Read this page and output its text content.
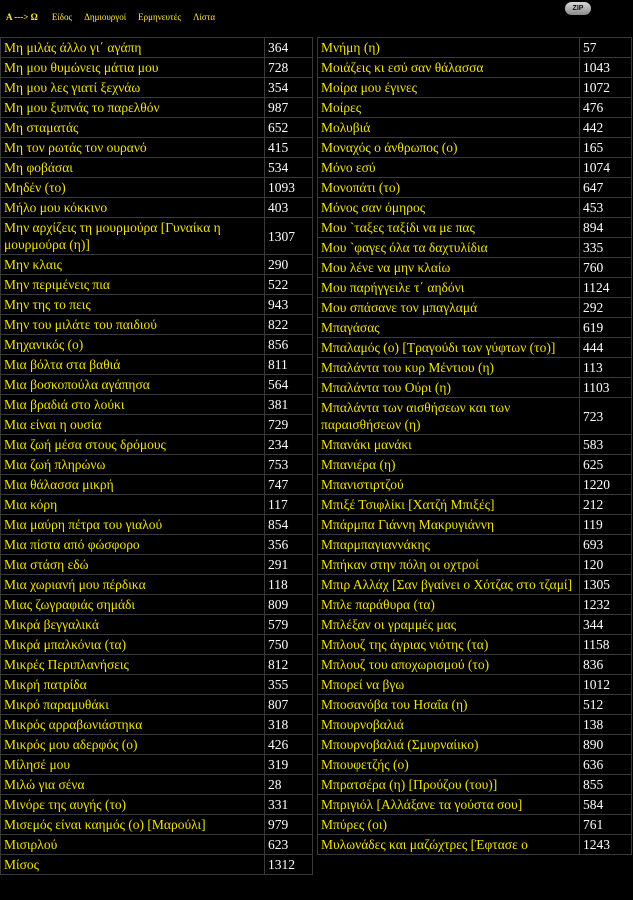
A ---> Ω Είδος Δημιουργοί Ερμηνευτές Λίστα
ZIP
Μη μιλάς άλλο γι΄ αγάπη	364
Μη μου θυμώνεις μάτια μου	728
Μη μου λες γιατί ξεχνάω	354
Μη μου ξυπνάς το παρελθόν	987
Μη σταματάς	652
Μη τον ρωτάς τον ουρανό	415
Μη φοβάσαι	534
Μηδέν (το)	1093
Μήλο μου κόκκινο	403
Μην αρχίζεις τη μουρμούρα [Γυναίκα η μουρμούρα (η)]	1307
Μην κλαις	290
Μην περιμένεις πια	522
Μην της το πεις	943
Μην του μιλάτε του παιδιού	822
Μηχανικός (ο)	856
Μια βόλτα στα βαθιά	811
Μια βοσκοπούλα αγάπησα	564
Μια βραδιά στο λούκι	381
Μια είναι η ουσία	729
Μια ζωή μέσα στους δρόμους	234
Μια ζωή πληρώνω	753
Μια θάλασσα μικρή	747
Μια κόρη	117
Μια μαύρη πέτρα του γιαλού	854
Μια πίστα από φώσφορο	356
Μια στάση εδώ	291
Μια χωριανή μου πέρδικα	118
Μιας ζωγραφιάς σημάδι	809
Μικρά βεγγαλικά	579
Μικρά μπαλκόνια (τα)	750
Μικρές Περιπλανήσεις	812
Μικρή πατρίδα	355
Μικρό παραμυθάκι	807
Μικρός αρραβωνιάστηκα	318
Μικρός μου αδερφός (ο)	426
Μίλησέ μου	319
Μιλώ για σένα	28
Μινόρε της αυγής (το)	331
Μισεμός είναι καημός (ο) [Μαρούλι]	979
Μισιρλού	623
Μίσος	1312
Μνήμη (η)	57
Μοιάζεις κι εσύ σαν θάλασσα	1043
Μοίρα μου έγινες	1072
Μοίρες	476
Μολυβιά	442
Μοναχός ο άνθρωπος (ο)	165
Μόνο εσύ	1074
Μονοπάτι (το)	647
Μόνος σαν όμηρος	453
Μου `ταξες ταξίδι να με πας	894
Μου `φαγες όλα τα δαχτυλίδια	335
Μου λένε να μην κλαίω	760
Μου παρήγγειλε τ΄ αηδόνι	1124
Μου σπάσανε τον μπαγλαμά	292
Μπαγάσας	619
Μπαλαμός (ο) [Τραγούδι των γύφτων (το)]	444
Μπαλάντα του κυρ Μέντιου (η)	113
Μπαλάντα του Ούρι (η)	1103
Μπαλάντα των αισθήσεων και των παραισθήσεων (η)	723
Μπανάκι μανάκι	583
Μπανιέρα (η)	625
Μπανιστιρτζού	1220
Μπιξέ Τσιφλίκι [Χατζή Μπιξές]	212
Μπάρμπα Γιάννη Μακρυγιάννη	119
Μπαρμπαγιαννάκης	693
Μπήκαν στην πόλη οι οχτροί	120
Μπιρ Αλλάχ [Σαν βγαίνει ο Χότζας στο τζαμί]	1305
Μπλε παράθυρα (τα)	1232
Μπλέξαν οι γραμμές μας	344
Μπλουζ της άγριας νιότης (τα)	1158
Μπλουζ του αποχωρισμού (το)	836
Μπορεί να βγω	1012
Μποσανόβα του Ησαΐα (η)	512
Μπουρνοβαλιά	138
Μπουρνοβαλιά (Σμυρναίικο)	890
Μπουφετζής (ο)	636
Μπρατσέρα (η) [Προύζου (του)]	855
Μπριγιόλ [Αλλάξανε τα γούστα σου]	584
Μπύρες (οι)	761
Μυλωνάδες και μαζώχτρες [Έφτασε ο	1243
